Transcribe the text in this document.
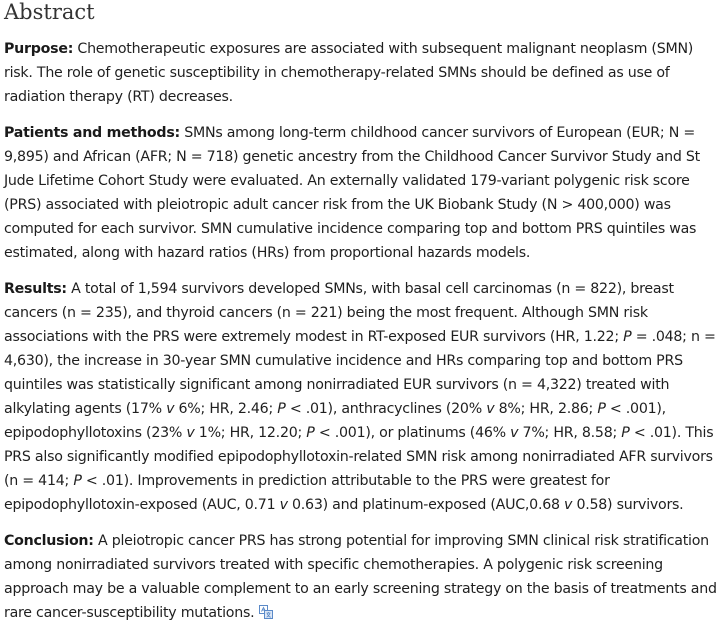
Abstract

Purpose: Chemotherapeutic exposures are associated with subsequent malignant neoplasm (SMN) risk. The role of genetic susceptibility in chemotherapy-related SMNs should be defined as use of radiation therapy (RT) decreases.

Patients and methods: SMNs among long-term childhood cancer survivors of European (EUR; N = 9,895) and African (AFR; N = 718) genetic ancestry from the Childhood Cancer Survivor Study and St Jude Lifetime Cohort Study were evaluated. An externally validated 179-variant polygenic risk score (PRS) associated with pleiotropic adult cancer risk from the UK Biobank Study (N > 400,000) was computed for each survivor. SMN cumulative incidence comparing top and bottom PRS quintiles was estimated, along with hazard ratios (HRs) from proportional hazards models.

Results: A total of 1,594 survivors developed SMNs, with basal cell carcinomas (n = 822), breast cancers (n = 235), and thyroid cancers (n = 221) being the most frequent. Although SMN risk associations with the PRS were extremely modest in RT-exposed EUR survivors (HR, 1.22; P = .048; n = 4,630), the increase in 30-year SMN cumulative incidence and HRs comparing top and bottom PRS quintiles was statistically significant among nonirradiated EUR survivors (n = 4,322) treated with alkylating agents (17% v 6%; HR, 2.46; P < .01), anthracyclines (20% v 8%; HR, 2.86; P < .001), epipodophyllotoxins (23% v 1%; HR, 12.20; P < .001), or platinums (46% v 7%; HR, 8.58; P < .01). This PRS also significantly modified epipodophyllotoxin-related SMN risk among nonirradiated AFR survivors (n = 414; P < .01). Improvements in prediction attributable to the PRS were greatest for epipodophyllotoxin-exposed (AUC, 0.71 v 0.63) and platinum-exposed (AUC,0.68 v 0.58) survivors.

Conclusion: A pleiotropic cancer PRS has strong potential for improving SMN clinical risk stratification among nonirradiated survivors treated with specific chemotherapies. A polygenic risk screening approach may be a valuable complement to an early screening strategy on the basis of treatments and rare cancer-susceptibility mutations.
